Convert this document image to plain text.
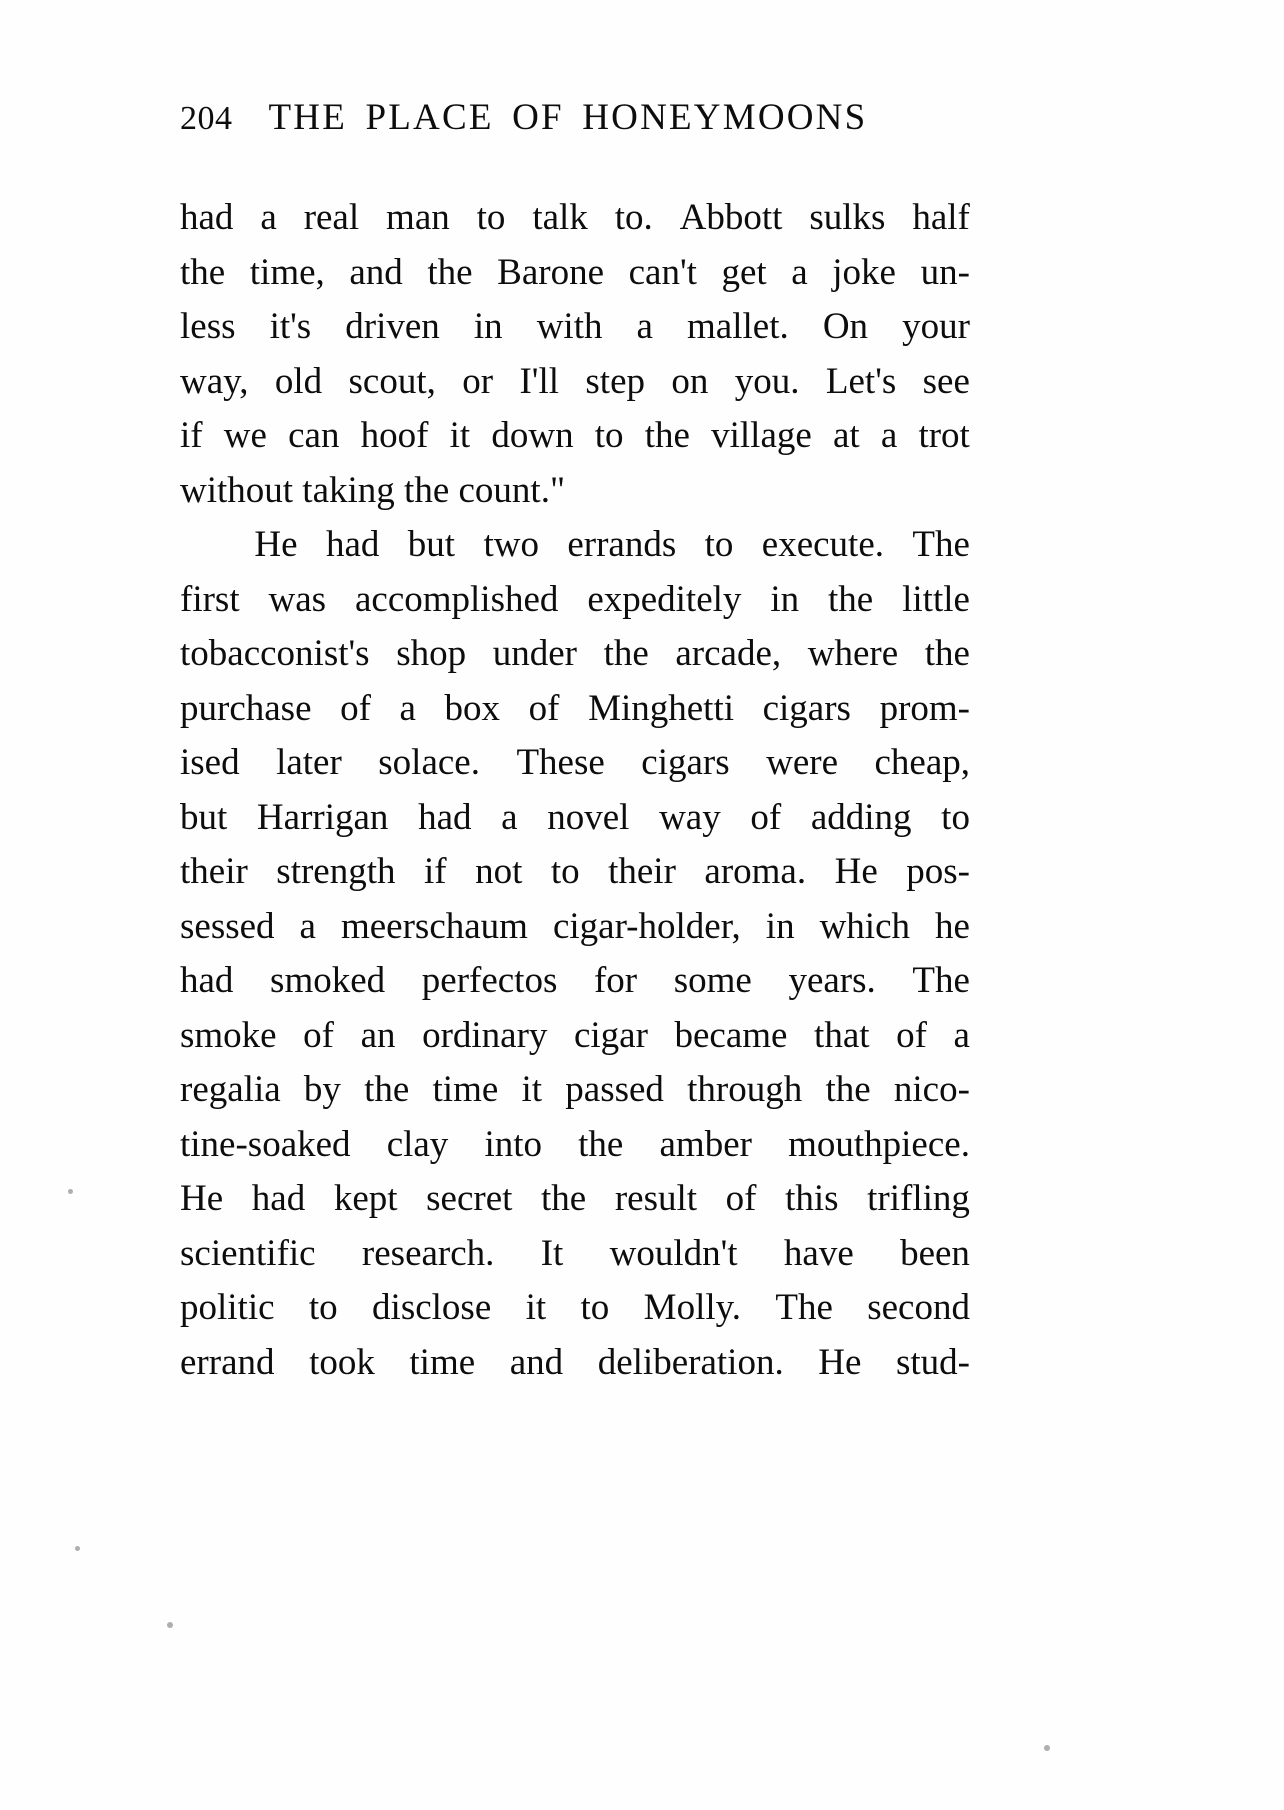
204 THE PLACE OF HONEYMOONS

had a real man to talk to. Abbott sulks half
the time, and the Barone can't get a joke un-
less it's driven in with a mallet. On your
way, old scout, or I'll step on you. Let's see
if we can hoof it down to the village at a trot
without taking the count."

He had but two errands to execute. The
first was accomplished expeditely in the little
tobacconist's shop under the arcade, where the
purchase of a box of Minghetti cigars prom-
ised later solace. These cigars were cheap,
but Harrigan had a novel way of adding to
their strength if not to their aroma. He pos-
sessed a meerschaum cigar-holder, in which he
had smoked perfectos for some years. The
smoke of an ordinary cigar became that of a
regalia by the time it passed through the nico-
tine-soaked clay into the amber mouthpiece.
He had kept secret the result of this trifling
scientific research. It wouldn't have been
politic to disclose it to Molly. The second
errand took time and deliberation. He stud-
